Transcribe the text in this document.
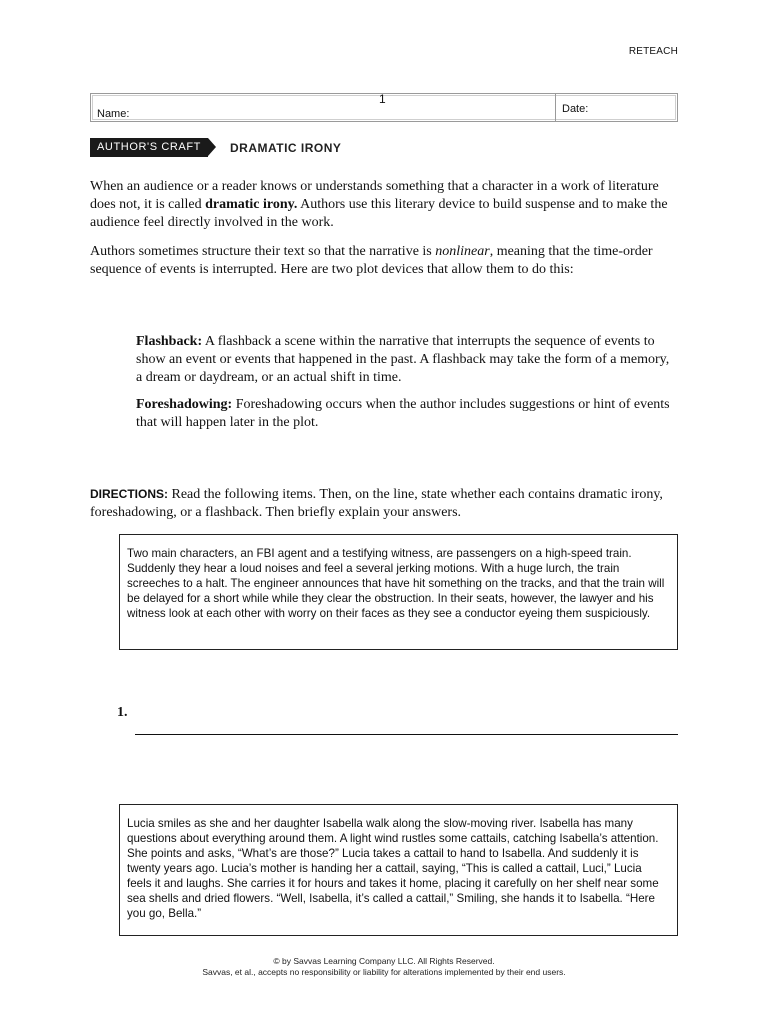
RETEACH
Name:
1
Date:
AUTHOR'S CRAFT	DRAMATIC IRONY
When an audience or a reader knows or understands something that a character in a work of literature does not, it is called dramatic irony. Authors use this literary device to build suspense and to make the audience feel directly involved in the work.
Authors sometimes structure their text so that the narrative is nonlinear, meaning that the time-order sequence of events is interrupted. Here are two plot devices that allow them to do this:
Flashback: A flashback a scene within the narrative that interrupts the sequence of events to show an event or events that happened in the past. A flashback may take the form of a memory, a dream or daydream, or an actual shift in time.
Foreshadowing: Foreshadowing occurs when the author includes suggestions or hint of events that will happen later in the plot.
DIRECTIONS: Read the following items. Then, on the line, state whether each contains dramatic irony, foreshadowing, or a flashback. Then briefly explain your answers.
Two main characters, an FBI agent and a testifying witness, are passengers on a high-speed train. Suddenly they hear a loud noises and feel a several jerking motions. With a huge lurch, the train screeches to a halt. The engineer announces that have hit something on the tracks, and that the train will be delayed for a short while while they clear the obstruction. In their seats, however, the lawyer and his witness look at each other with worry on their faces as they see a conductor eyeing them suspiciously.
1.
Lucia smiles as she and her daughter Isabella walk along the slow-moving river. Isabella has many questions about everything around them. A light wind rustles some cattails, catching Isabella’s attention. She points and asks, “What’s are those?” Lucia takes a cattail to hand to Isabella. And suddenly it is twenty years ago. Lucia’s mother is handing her a cattail, saying, “This is called a cattail, Luci,” Lucia feels it and laughs. She carries it for hours and takes it home, placing it carefully on her shelf near some sea shells and dried flowers. “Well, Isabella, it’s called a cattail,” Smiling, she hands it to Isabella. “Here you go, Bella.”
© by Savvas Learning Company LLC. All Rights Reserved.
Savvas, et al., accepts no responsibility or liability for alterations implemented by their end users.
